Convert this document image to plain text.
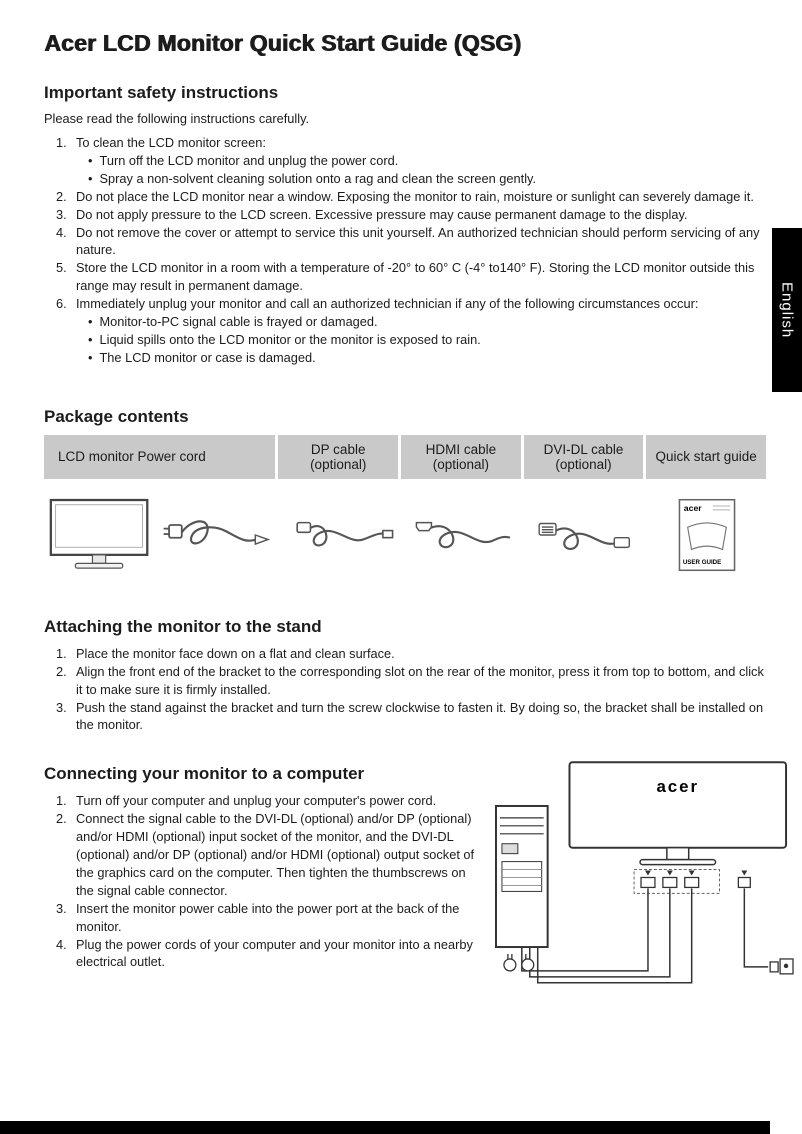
Acer LCD Monitor Quick Start Guide (QSG)
Important safety instructions

Please read the following instructions carefully.

1. To clean the LCD monitor screen:
• Turn off the LCD monitor and unplug the power cord.
• Spray a non-solvent cleaning solution onto a rag and clean the screen gently.
2. Do not place the LCD monitor near a window. Exposing the monitor to rain, moisture or sunlight can severely damage it.
3. Do not apply pressure to the LCD screen. Excessive pressure may cause permanent damage to the display.
4. Do not remove the cover or attempt to service this unit yourself. An authorized technician should perform servicing of any nature.
5. Store the LCD monitor in a room with a temperature of -20° to 60° C (-4° to140° F). Storing the LCD monitor outside this range may result in permanent damage.
6. Immediately unplug your monitor and call an authorized technician if any of the following circumstances occur:
• Monitor-to-PC signal cable is frayed or damaged.
• Liquid spills onto the LCD monitor or the monitor is exposed to rain.
• The LCD monitor or case is damaged.
Package contents
LCD monitor Power cord	DP cable (optional)
HDMI cable (optional)
DVI-DL cable (optional)	Quick start guide
acer
USER GUIDE
Attaching the monitor to the stand
1. Place the monitor face down on a flat and clean surface.
2. Align the front end of the bracket to the corresponding slot on the rear of the monitor, press it from top to bottom, and click it to make sure it is firmly installed.
3. Push the stand against the bracket and turn the screw clockwise to fasten it. By doing so, the bracket shall be installed on the monitor.
Connecting your monitor to a computer
1. Turn off your computer and unplug your computer's power cord.
2. Connect the signal cable to the DVI-DL (optional) and/or DP (optional) and/or HDMI (optional) input socket of the monitor, and the DVI-DL (optional) and/or DP (optional) and/or HDMI (optional) output socket of the graphics card on the computer. Then tighten the thumbscrews on the signal cable connector.
3. Insert the monitor power cable into the power port at the back of the monitor.
4. Plug the power cords of your computer and your monitor into a nearby electrical outlet.
acer
English
